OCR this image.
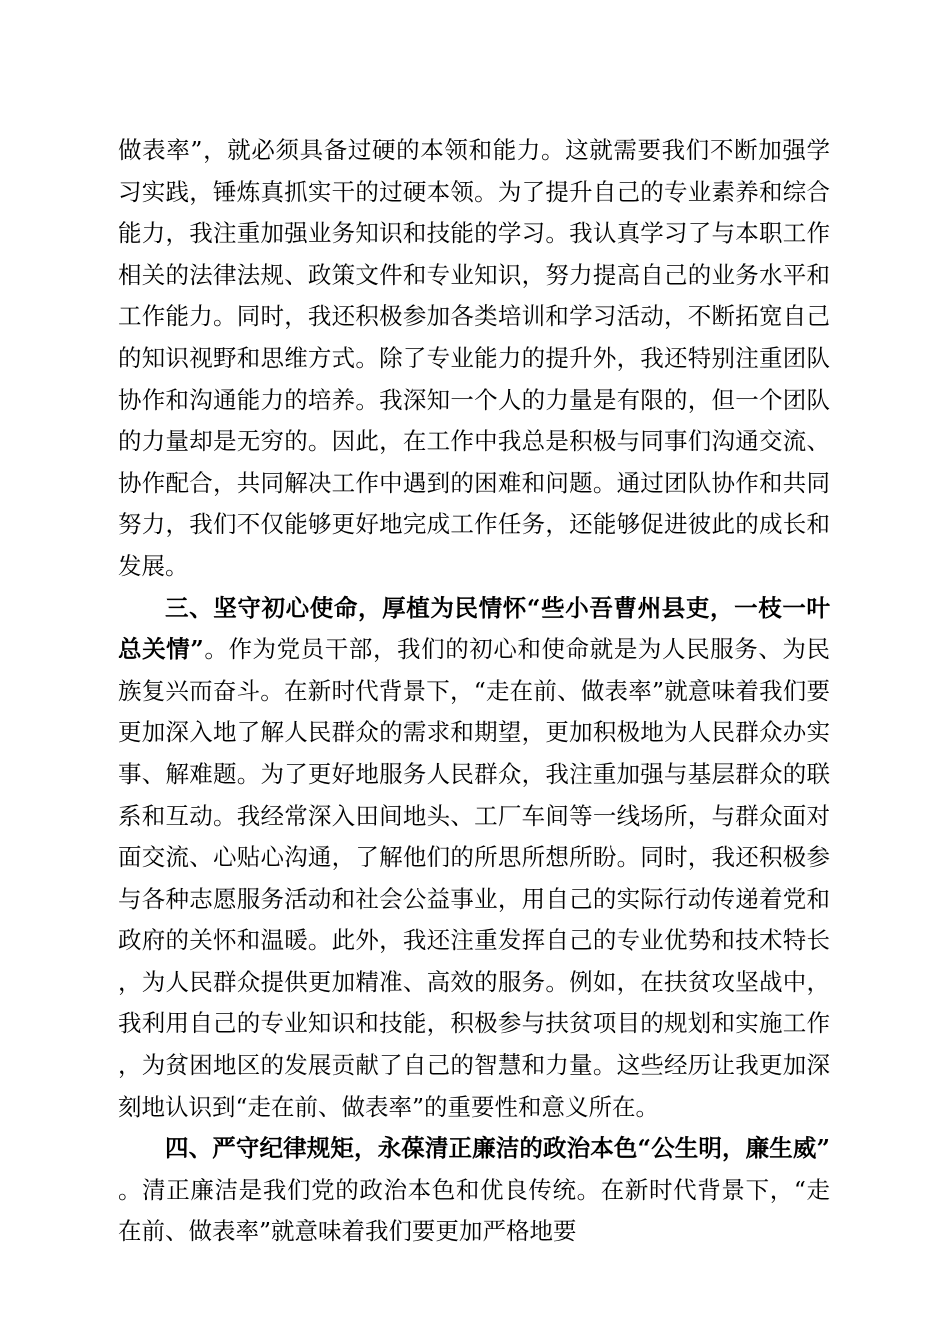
做表率”，就必须具备过硬的本领和能力。这就需要我们不断加强学习实践，锤炼真抓实干的过硬本领。为了提升自己的专业素养和综合能力，我注重加强业务知识和技能的学习。我认真学习了与本职工作相关的法律法规、政策文件和专业知识，努力提高自己的业务水平和工作能力。同时，我还积极参加各类培训和学习活动，不断拓宽自己的知识视野和思维方式。除了专业能力的提升外，我还特别注重团队协作和沟通能力的培养。我深知一个人的力量是有限的，但一个团队的力量却是无穷的。因此，在工作中我总是积极与同事们沟通交流、协作配合，共同解决工作中遇到的困难和问题。通过团队协作和共同努力，我们不仅能够更好地完成工作任务，还能够促进彼此的成长和发展。

三、坚守初心使命，厚植为民情怀“些小吾曹州县吏，一枝一叶总关情”。作为党员干部，我们的初心和使命就是为人民服务、为民族复兴而奋斗。在新时代背景下，“走在前、做表率”就意味着我们要更加深入地了解人民群众的需求和期望，更加积极地为人民群众办实事、解难题。为了更好地服务人民群众，我注重加强与基层群众的联系和互动。我经常深入田间地头、工厂车间等一线场所，与群众面对面交流、心贴心沟通，了解他们的所思所想所盼。同时，我还积极参与各种志愿服务活动和社会公益事业，用自己的实际行动传递着党和政府的关怀和温暖。此外，我还注重发挥自己的专业优势和技术特长，为人民群众提供更加精准、高效的服务。例如，在扶贫攻坚战中，我利用自己的专业知识和技能，积极参与扶贫项目的规划和实施工作，为贫困地区的发展贡献了自己的智慧和力量。这些经历让我更加深刻地认识到“走在前、做表率”的重要性和意义所在。

四、严守纪律规矩，永葆清正廉洁的政治本色“公生明，廉生威”。清正廉洁是我们党的政治本色和优良传统。在新时代背景下，“走在前、做表率”就意味着我们要更加严格地要
